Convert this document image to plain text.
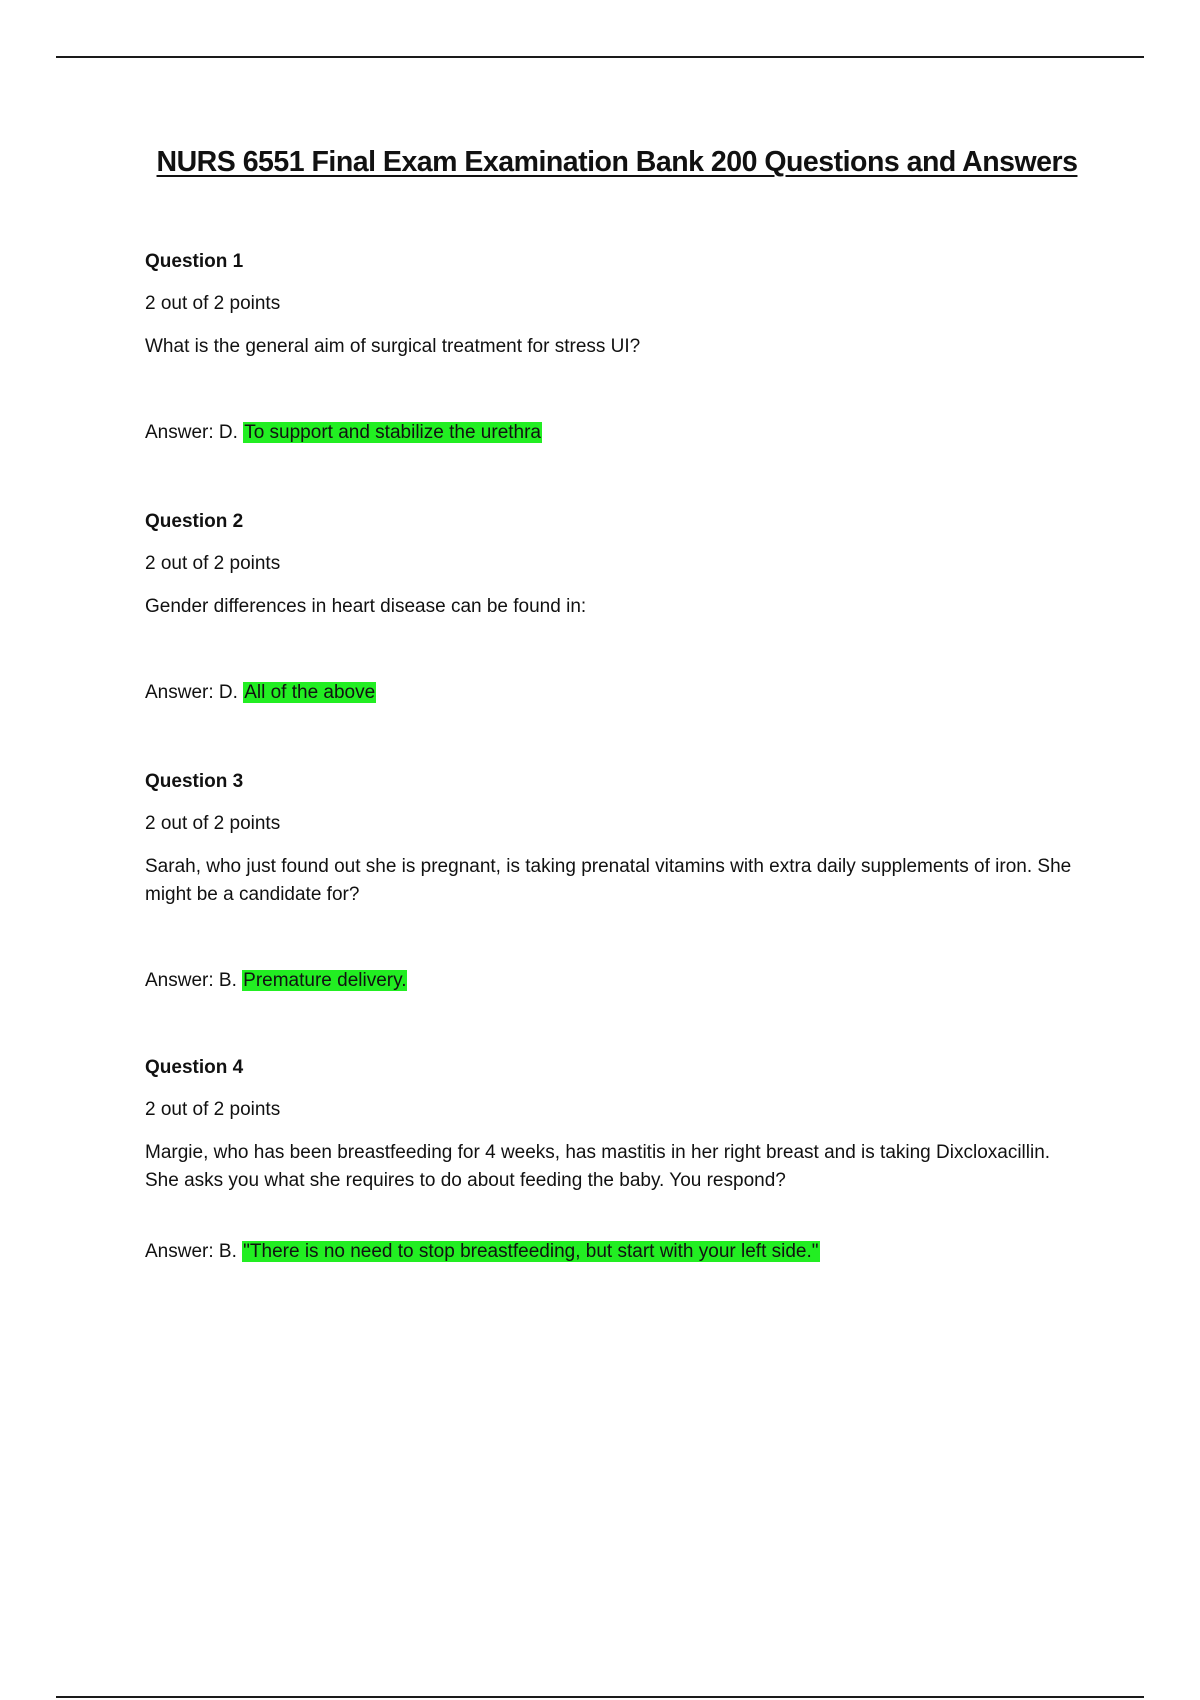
NURS 6551 Final Exam Examination Bank 200 Questions and Answers
Question 1
2 out of 2 points
What is the general aim of surgical treatment for stress UI?
Answer: D. To support and stabilize the urethra
Question 2
2 out of 2 points
Gender differences in heart disease can be found in:
Answer: D. All of the above
Question 3
2 out of 2 points
Sarah, who just found out she is pregnant, is taking prenatal vitamins with extra daily supplements of iron. She might be a candidate for?
Answer: B. Premature delivery.
Question 4
2 out of 2 points
Margie, who has been breastfeeding for 4 weeks, has mastitis in her right breast and is taking Dixcloxacillin. She asks you what she requires to do about feeding the baby. You respond?
Answer: B. "There is no need to stop breastfeeding, but start with your left side."
